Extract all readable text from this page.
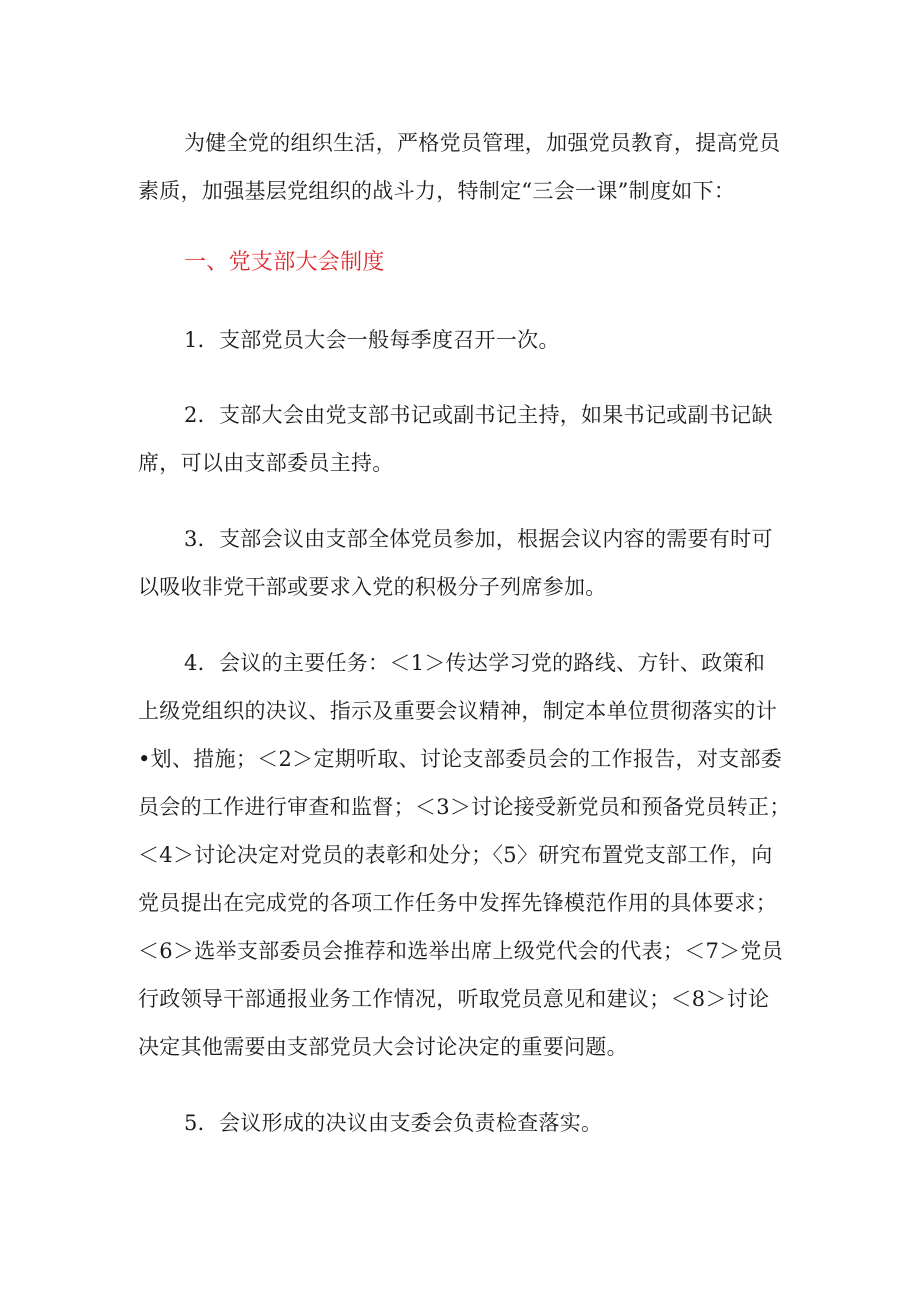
为健全党的组织生活，严格党员管理，加强党员教育，提高党员
素质，加强基层党组织的战斗力，特制定“三会一课”制度如下：
一、党支部大会制度
1．支部党员大会一般每季度召开一次。
2．支部大会由党支部书记或副书记主持，如果书记或副书记缺
席，可以由支部委员主持。
3．支部会议由支部全体党员参加，根据会议内容的需要有时可
以吸收非党干部或要求入党的积极分子列席参加。
4．会议的主要任务：＜1＞传达学习党的路线、方针、政策和
上级党组织的决议、指示及重要会议精神，制定本单位贯彻落实的计
•划、措施；＜2＞定期听取、讨论支部委员会的工作报告，对支部委
员会的工作进行审查和监督；＜3＞讨论接受新党员和预备党员转正；
＜4＞讨论决定对党员的表彰和处分；〈5〉研究布置党支部工作，向
党员提出在完成党的各项工作任务中发挥先锋模范作用的具体要求；
＜6＞选举支部委员会推荐和选举出席上级党代会的代表；＜7＞党员
行政领导干部通报业务工作情况，听取党员意见和建议；＜8＞讨论
决定其他需要由支部党员大会讨论决定的重要问题。
5．会议形成的决议由支委会负责检查落实。
